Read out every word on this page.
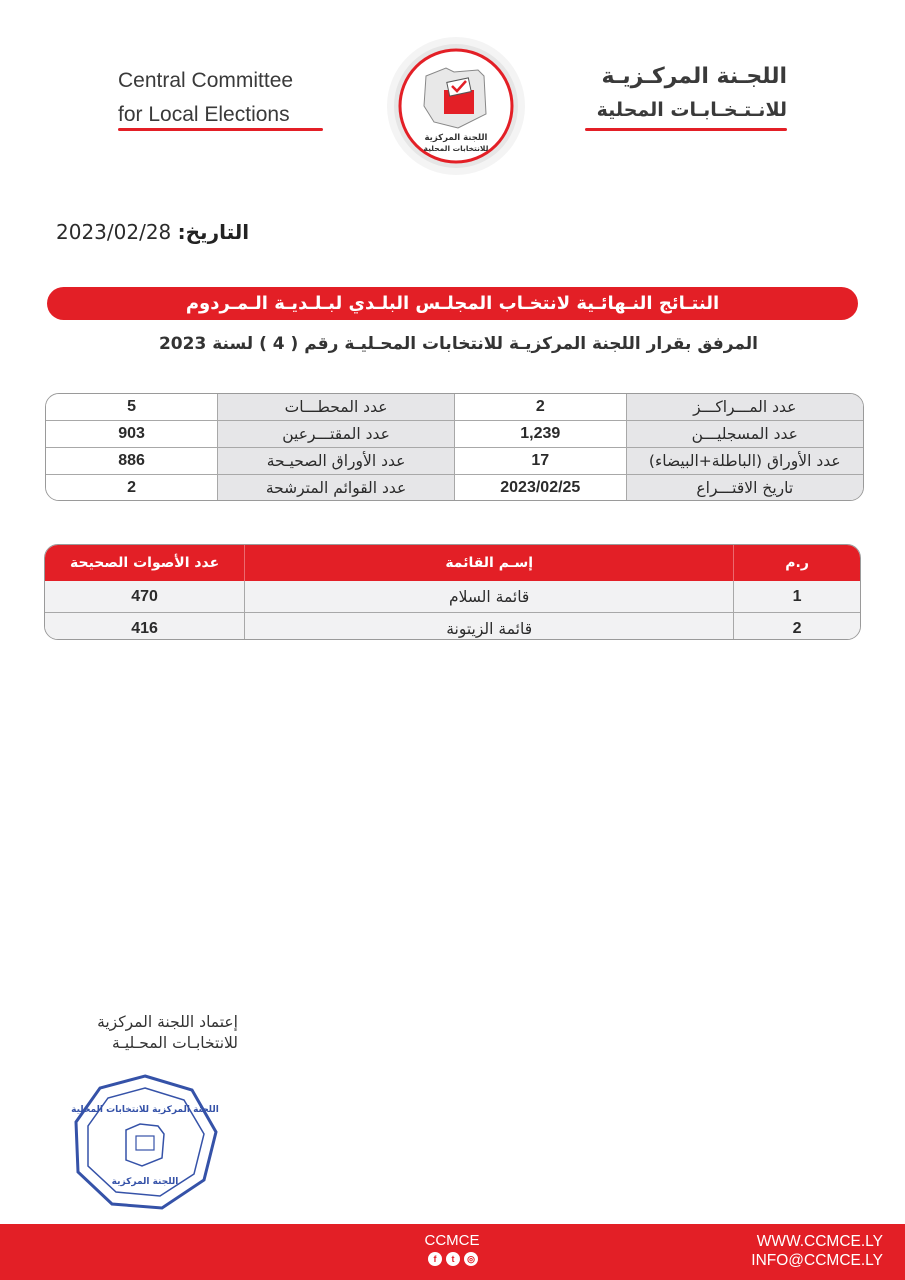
Central Committee
for Local Elections
اللجـنة المركـزيـة
للانـتـخـابـات المحلية
اللجنة المركزية
للانتخابات المحلية
التاريخ: 2023/02/28
النتـائج النـهائـية لانتخـاب المجلـس البلـدي لبـلـديـة الـمـردوم
المرفق بقرار اللجنة المركزيـة للانتخابات المحـليـة رقم ( 4 ) لسنة 2023
عدد المـــراكـــز	2	عدد المحطـــات	5
عدد المسجليـــن	1,239	عدد المقتـــرعين	903
عدد الأوراق (الباطلة+البيضاء)	17	عدد الأوراق الصحيـحة	886
تاريخ الاقتـــراع	2023/02/25	عدد القوائم المترشحة	2
ر.م	إسـم القائمة	عدد الأصوات الصحيحة
1	قائمة السلام	470
2	قائمة الزيتونة	416
إعتماد اللجنة المركزية
للانتخابـات المحـليـة
اللجنة المركزية للانتخابات المحلية
اللجنة المركزية
CCMCE
f	t	◎
WWW.CCMCE.LY
INFO@CCMCE.LY
